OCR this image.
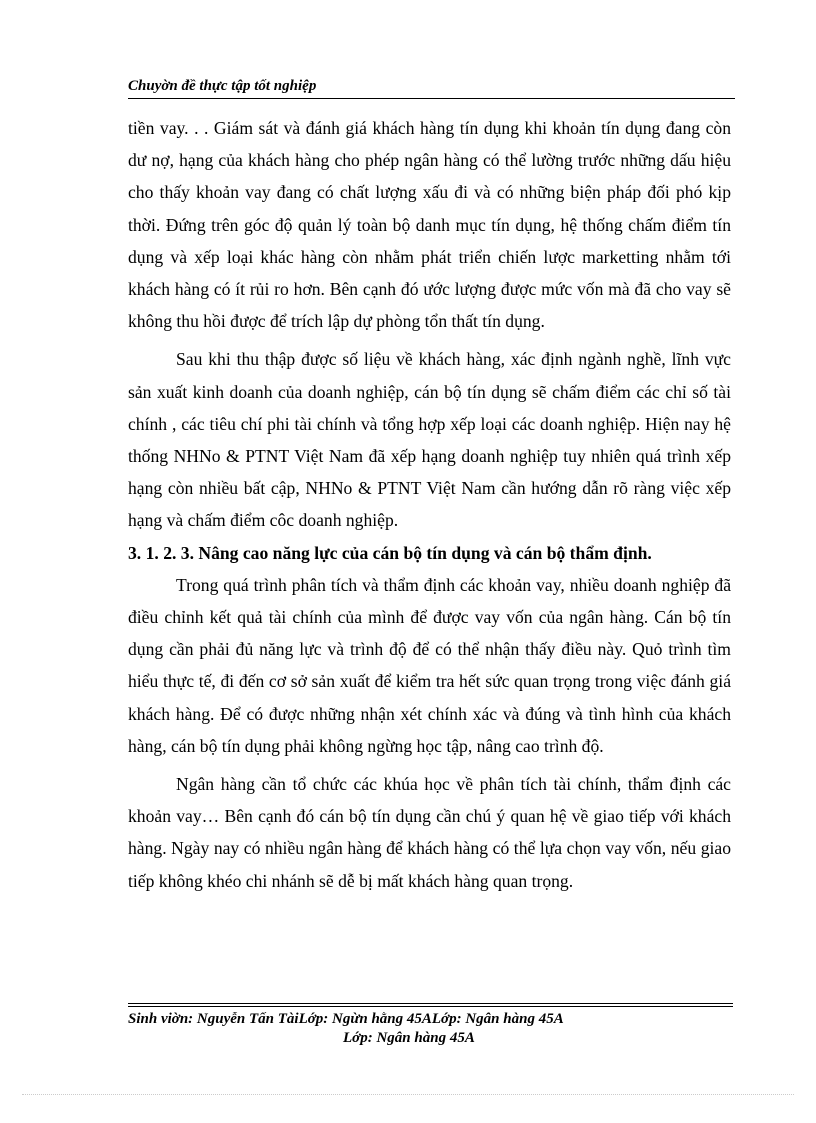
Chuyờn đề thực tập tốt nghiệp

tiền vay. . . Giám sát và đánh giá khách hàng tín dụng khi khoản tín dụng đang còn dư nợ, hạng của khách hàng cho phép ngân hàng có thể lường trước những dấu hiệu cho thấy khoản vay đang có chất lượng xấu đi và có những biện pháp đối phó kịp thời. Đứng trên góc độ quản lý toàn bộ danh mục tín dụng, hệ thống chấm điểm tín dụng và xếp loại khác hàng còn nhằm phát triển chiến lược marketting nhằm tới khách hàng có ít rủi ro hơn. Bên cạnh đó ước lượng được mức vốn mà đã cho vay sẽ không thu hồi được để trích lập dự phòng tổn thất tín dụng.

Sau khi thu thập được số liệu về khách hàng, xác định ngành nghề, lĩnh vực sản xuất kinh doanh của doanh nghiệp, cán bộ tín dụng sẽ chấm điểm các chỉ số tài chính , các tiêu chí phi tài chính và tổng hợp xếp loại các doanh nghiệp. Hiện nay hệ thống NHNo & PTNT Việt Nam đã xếp hạng doanh nghiệp tuy nhiên quá trình xếp hạng còn nhiều bất cập, NHNo & PTNT Việt Nam cần hướng dẫn rõ ràng việc xếp hạng và chấm điểm côc doanh nghiệp.

3. 1. 2. 3. Nâng cao năng lực của cán bộ tín dụng và cán bộ thẩm định.

Trong quá trình phân tích và thẩm định các khoản vay, nhiều doanh nghiệp đã điều chỉnh kết quả tài chính của mình để được vay vốn của ngân hàng. Cán bộ tín dụng cần phải đủ năng lực và trình độ để có thể nhận thấy điều này. Quỏ trình tìm hiểu thực tế, đi đến cơ sở sản xuất để kiểm tra hết sức quan trọng trong việc đánh giá khách hàng. Để có được những nhận xét chính xác và đúng và tình hình của khách hàng, cán bộ tín dụng phải không ngừng học tập, nâng cao trình độ.

Ngân hàng cần tổ chức các khúa học về phân tích tài chính, thẩm định các khoản vay… Bên cạnh đó cán bộ tín dụng cần chú ý quan hệ về giao tiếp với khách hàng. Ngày nay có nhiều ngân hàng để khách hàng có thể lựa chọn vay vốn, nếu giao tiếp không khéo chi nhánh sẽ dễ bị mất khách hàng quan trọng.

Sinh viờn: Nguyễn Tấn TàiLớp: Ngừn hằng 45ALớp: Ngân hàng 45A
Lớp: Ngân hàng 45A
